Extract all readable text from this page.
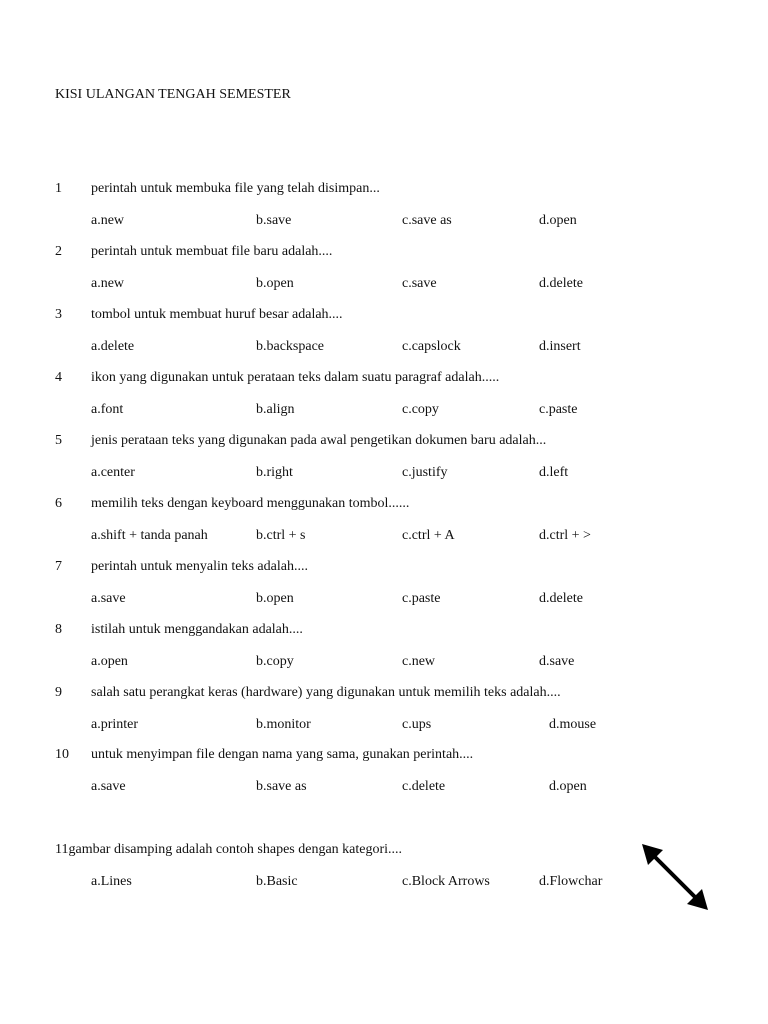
KISI ULANGAN TENGAH SEMESTER
1 perintah untuk membuka file yang telah disimpan...
a.new	b.save	c.save as	d.open
2 perintah untuk membuat file baru adalah....
a.new	b.open	c.save	d.delete
3 tombol untuk membuat huruf besar adalah....
a.delete	b.backspace	c.capslock	d.insert
4 ikon yang digunakan untuk perataan teks dalam suatu paragraf adalah.....
a.font	b.align	c.copy	c.paste
5 jenis perataan teks yang digunakan pada awal pengetikan dokumen baru adalah...
a.center	b.right	c.justify	d.left
6 memilih teks dengan keyboard menggunakan tombol......
a.shift + tanda panah	b.ctrl + s	c.ctrl + A	d.ctrl + >
7 perintah untuk menyalin teks adalah....
a.save	b.open	c.paste	d.delete
8 istilah untuk menggandakan adalah....
a.open	b.copy	c.new	d.save
9 salah satu perangkat keras (hardware) yang digunakan untuk memilih teks adalah....
a.printer	b.monitor	c.ups	d.mouse
10 untuk menyimpan file dengan nama yang sama, gunakan perintah....
a.save	b.save as	c.delete	d.open
11gambar disamping adalah contoh shapes dengan kategori....
a.Lines	b.Basic	c.Block Arrows	d.Flowchar
